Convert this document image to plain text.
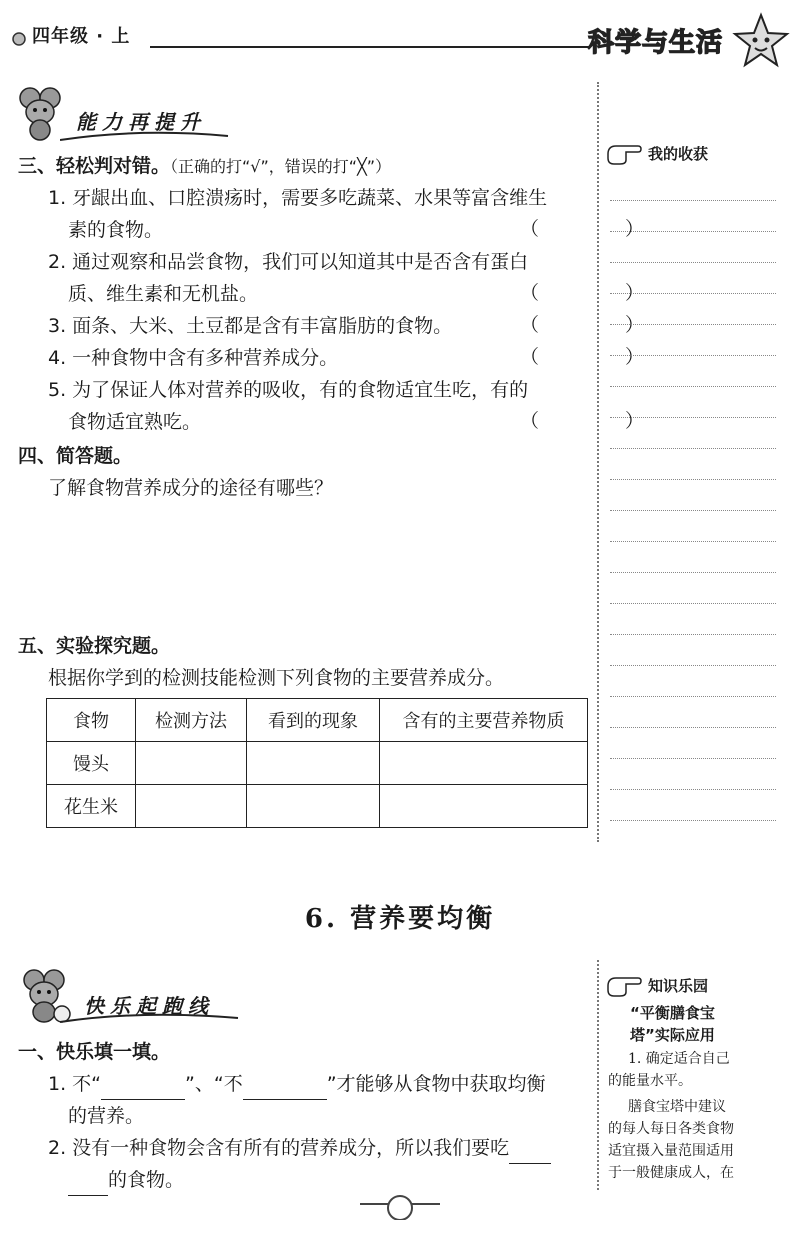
四年级 · 上	科学与生活
能力再提升
三、轻松判对错。（正确的打“√”，错误的打“╳”）
1. 牙龈出血、口腔溃疡时，需要多吃蔬菜、水果等富含维生
素的食物。	（ ）
2. 通过观察和品尝食物，我们可以知道其中是否含有蛋白
质、维生素和无机盐。	（ ）
3. 面条、大米、土豆都是含有丰富脂肪的食物。	（ ）
4. 一种食物中含有多种营养成分。	（ ）
5. 为了保证人体对营养的吸收，有的食物适宜生吃，有的
食物适宜熟吃。	（ ）
四、简答题。
了解食物营养成分的途径有哪些？
五、实验探究题。
根据你学到的检测技能检测下列食物的主要营养成分。
食物	检测方法	看到的现象	含有的主要营养物质
馒头			
花生米			
我的收获
6. 营养要均衡
快乐起跑线
一、快乐填一填。
1. 不“	”、“不	”才能够从食物中获取均衡
的营养。
2. 没有一种食物会含有所有的营养成分，所以我们要吃
的食物。
知识乐园
“平衡膳食宝
塔”实际应用
1. 确定适合自己
的能量水平。
膳食宝塔中建议
的每人每日各类食物
适宜摄入量范围适用
于一般健康成人，在
